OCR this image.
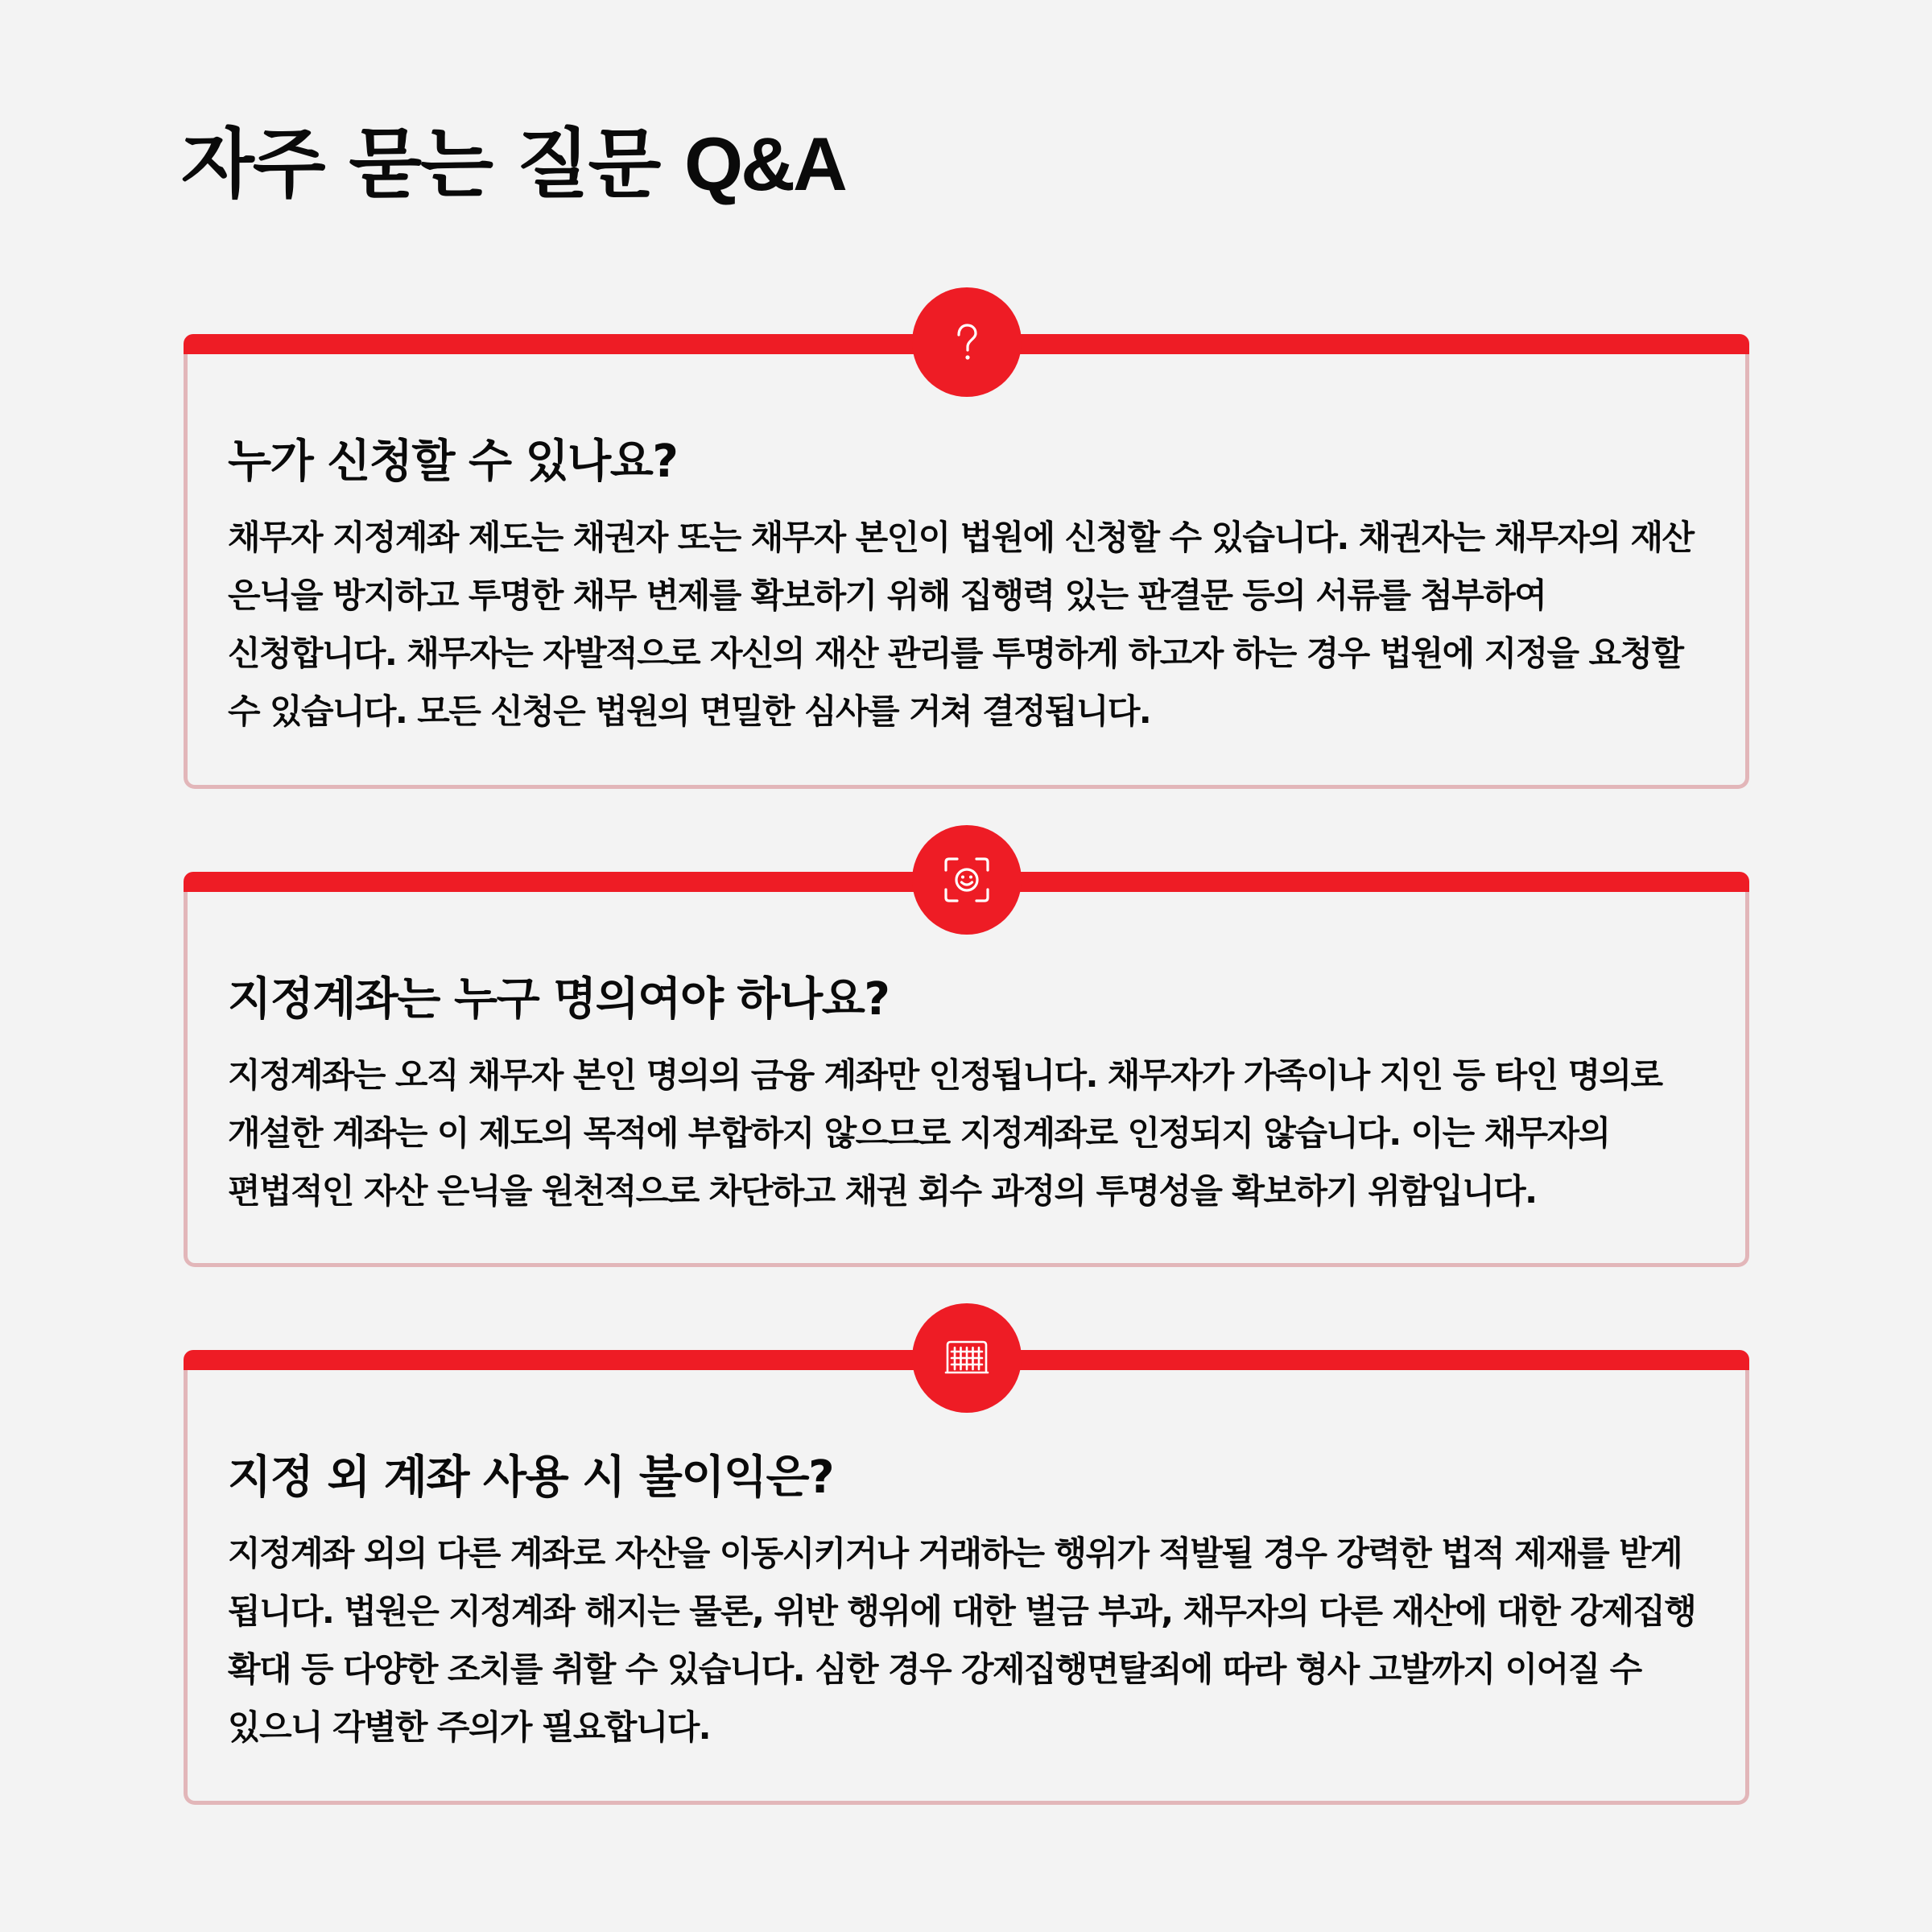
자주 묻는 질문 Q&A
누가 신청할 수 있나요?
채무자 지정계좌 제도는 채권자 또는 채무자 본인이 법원에 신청할 수 있습니다. 채권자는 채무자의 재산 은닉을 방지하고 투명한 채무 변제를 확보하기 위해 집행력 있는 판결문 등의 서류를 첨부하여 신청합니다. 채무자는 자발적으로 자신의 재산 관리를 투명하게 하고자 하는 경우 법원에 지정을 요청할 수 있습니다. 모든 신청은 법원의 면밀한 심사를 거쳐 결정됩니다.
지정계좌는 누구 명의여야 하나요?
지정계좌는 오직 채무자 본인 명의의 금융 계좌만 인정됩니다. 채무자가 가족이나 지인 등 타인 명의로 개설한 계좌는 이 제도의 목적에 부합하지 않으므로 지정계좌로 인정되지 않습니다. 이는 채무자의 편법적인 자산 은닉을 원천적으로 차단하고 채권 회수 과정의 투명성을 확보하기 위함입니다.
지정 외 계좌 사용 시 불이익은?
지정계좌 외의 다른 계좌로 자산을 이동시키거나 거래하는 행위가 적발될 경우 강력한 법적 제재를 받게 됩니다. 법원은 지정계좌 해지는 물론, 위반 행위에 대한 벌금 부과, 채무자의 다른 재산에 대한 강제집행 확대 등 다양한 조치를 취할 수 있습니다. 심한 경우 강제집행면탈죄에 따라 형사 고발까지 이어질 수 있으니 각별한 주의가 필요합니다.
